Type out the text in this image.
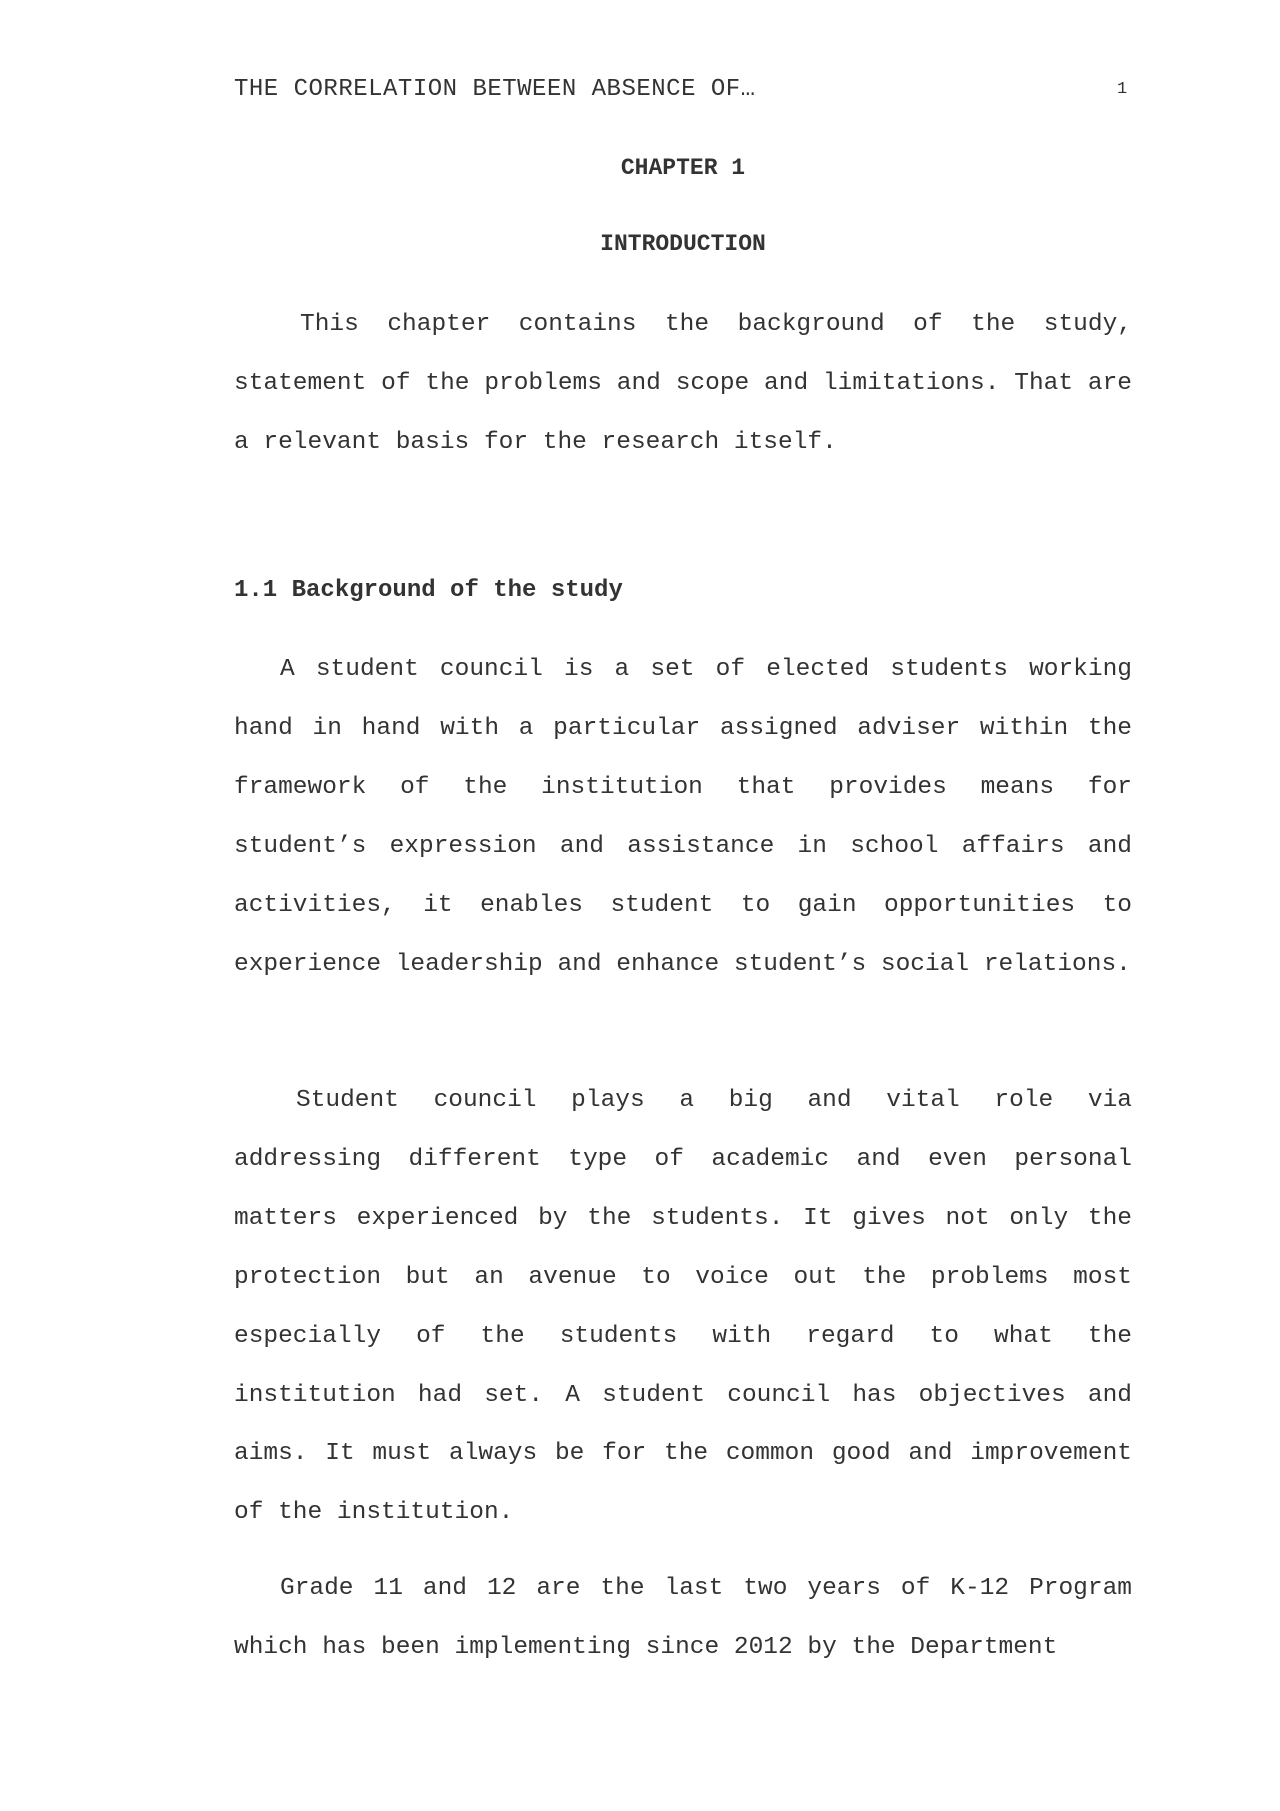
THE CORRELATION BETWEEN ABSENCE OF…	1
CHAPTER 1
INTRODUCTION

This chapter contains the background of the study, statement of the problems and scope and limitations. That are a relevant basis for the research itself.

1.1 Background of the study

A student council is a set of elected students working hand in hand with a particular assigned adviser within the framework of the institution that provides means for student’s expression and assistance in school affairs and activities, it enables student to gain opportunities to experience leadership and enhance student’s social relations.

Student council plays a big and vital role via addressing different type of academic and even personal matters experienced by the students. It gives not only the protection but an avenue to voice out the problems most especially of the students with regard to what the institution had set. A student council has objectives and aims. It must always be for the common good and improvement of the institution.

Grade 11 and 12 are the last two years of K-12 Program which has been implementing since 2012 by the Department
